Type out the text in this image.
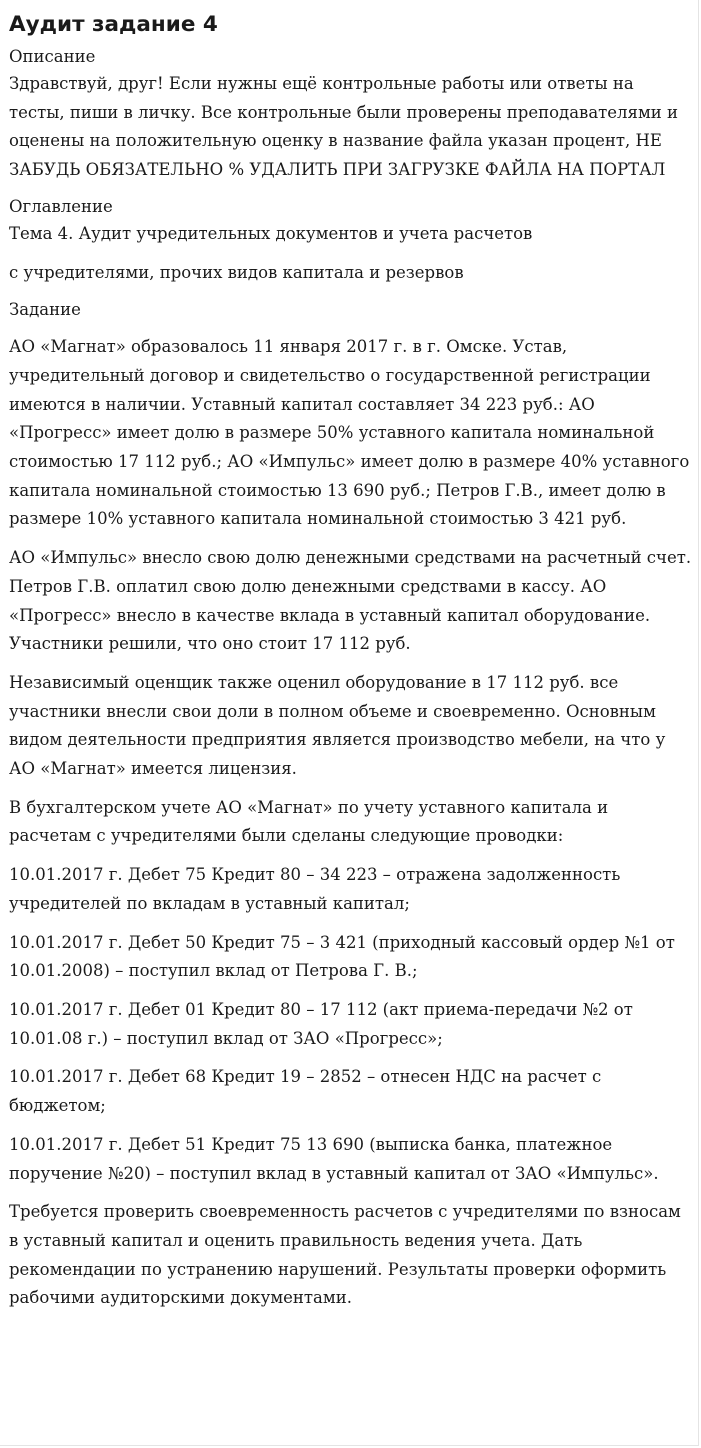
Аудит задание 4
Описание
Здравствуй, друг! Если нужны ещё контрольные работы или ответы на тесты, пиши в личку. Все контрольные были проверены преподавателями и оценены на положительную оценку в название файла указан процент, НЕ ЗАБУДЬ ОБЯЗАТЕЛЬНО % УДАЛИТЬ ПРИ ЗАГРУЗКЕ ФАЙЛА НА ПОРТАЛ
Оглавление
Тема 4. Аудит учредительных документов и учета расчетов
с учредителями, прочих видов капитала и резервов
Задание
АО «Магнат» образовалось 11 января 2017 г. в г. Омске. Устав, учредительный договор и свидетельство о государственной регистрации имеются в наличии. Уставный капитал составляет 34 223 руб.: АО «Прогресс» имеет долю в размере 50% уставного капитала номинальной стоимостью 17 112 руб.; АО «Импульс» имеет долю в размере 40% уставного капитала номинальной стоимостью 13 690 руб.; Петров Г.В., имеет долю в размере 10% уставного капитала номинальной стоимостью 3 421 руб.
АО «Импульс» внесло свою долю денежными средствами на расчетный счет. Петров Г.В. оплатил свою долю денежными средствами в кассу. АО «Прогресс» внесло в качестве вклада в уставный капитал оборудование. Участники решили, что оно стоит 17 112 руб.
Независимый оценщик также оценил оборудование в 17 112 руб. все участники внесли свои доли в полном объеме и своевременно. Основным видом деятельности предприятия является производство мебели, на что у АО «Магнат» имеется лицензия.
В бухгалтерском учете АО «Магнат» по учету уставного капитала и расчетам с учредителями были сделаны следующие проводки:
10.01.2017 г. Дебет 75 Кредит 80 – 34 223 – отражена задолженность учредителей по вкладам в уставный капитал;
10.01.2017 г. Дебет 50 Кредит 75 – 3 421 (приходный кассовый ордер №1 от 10.01.2008) – поступил вклад от Петрова Г. В.;
10.01.2017 г. Дебет 01 Кредит 80 – 17 112 (акт приема-передачи №2 от 10.01.08 г.) – поступил вклад от ЗАО «Прогресс»;
10.01.2017 г. Дебет 68 Кредит 19 – 2852 – отнесен НДС на расчет с бюджетом;
10.01.2017 г. Дебет 51 Кредит 75 13 690 (выписка банка, платежное поручение №20) – поступил вклад в уставный капитал от ЗАО «Импульс».
Требуется проверить своевременность расчетов с учредителями по взносам в уставный капитал и оценить правильность ведения учета. Дать рекомендации по устранению нарушений. Результаты проверки оформить рабочими аудиторскими документами.
